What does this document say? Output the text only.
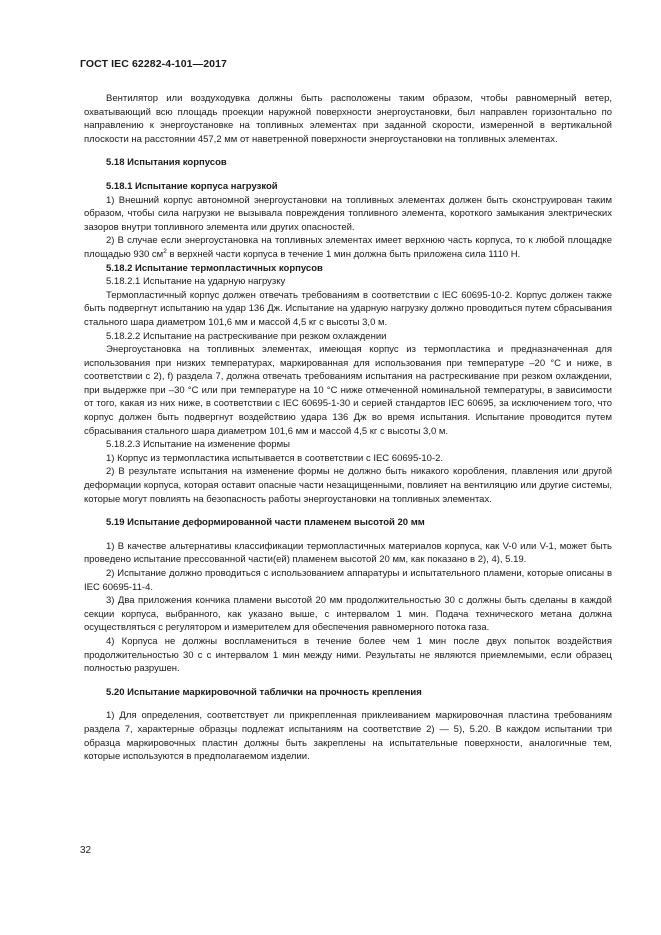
ГОСТ IEC 62282-4-101—2017

Вентилятор или воздуходувка должны быть расположены таким образом, чтобы равномерный ветер, охватывающий всю площадь проекции наружной поверхности энергоустановки, был направлен горизонтально по направлению к энергоустановке на топливных элементах при заданной скорости, измеренной в вертикальной плоскости на расстоянии 457,2 мм от наветренной поверхности энергоустановки на топливных элементах.

5.18 Испытания корпусов
5.18.1 Испытание корпуса нагрузкой

1) Внешний корпус автономной энергоустановки на топливных элементах должен быть сконструирован таким образом, чтобы сила нагрузки не вызывала повреждения топливного элемента, короткого замыкания электрических зазоров внутри топливного элемента или других опасностей.

2) В случае если энергоустановка на топливных элементах имеет верхнюю часть корпуса, то к любой площадке площадью 930 $см^2$ в верхней части корпуса в течение 1 мин должна быть приложена сила 1110 Н.

5.18.2 Испытание термопластичных корпусов
5.18.2.1 Испытание на ударную нагрузку

Термопластичный корпус должен отвечать требованиям в соответствии с IEC 60695-10-2. Корпус должен также быть подвергнут испытанию на удар 136 Дж. Испытание на ударную нагрузку должно проводиться путем сбрасывания стального шара диаметром 101,6 мм и массой 4,5 кг с высоты 3,0 м.

5.18.2.2 Испытание на растрескивание при резком охлаждении

Энергоустановка на топливных элементах, имеющая корпус из термопластика и предназначенная для использования при низких температурах, маркированная для использования при температуре –20 °С и ниже, в соответствии с 2), f) раздела 7, должна отвечать требованиям испытания на растрескивание при резком охлаждении, при выдержке при –30 °С или при температуре на 10 °С ниже отмеченной номинальной температуры, в зависимости от того, какая из них ниже, в соответствии с IEC 60695-1-30 и серией стандартов IEC 60695, за исключением того, что корпус должен быть подвергнут воздействию удара 136 Дж во время испытания. Испытание проводится путем сбрасывания стального шара диаметром 101,6 мм и массой 4,5 кг с высоты 3,0 м.

5.18.2.3 Испытание на изменение формы

1) Корпус из термопластика испытывается в соответствии с IEC 60695-10-2.

2) В результате испытания на изменение формы не должно быть никакого коробления, плавления или другой деформации корпуса, которая оставит опасные части незащищенными, повлияет на вентиляцию или другие системы, которые могут повлиять на безопасность работы энергоустановки на топливных элементах.

5.19 Испытание деформированной части пламенем высотой 20 мм

1) В качестве альтернативы классификации термопластичных материалов корпуса, как V-0 или V-1, может быть проведено испытание прессованной части(ей) пламенем высотой 20 мм, как показано в 2), 4), 5.19.

2) Испытание должно проводиться с использованием аппаратуры и испытательного пламени, которые описаны в IEC 60695-11-4.

3) Два приложения кончика пламени высотой 20 мм продолжительностью 30 с должны быть сделаны в каждой секции корпуса, выбранного, как указано выше, с интервалом 1 мин. Подача технического метана должна осуществляться с регулятором и измерителем для обеспечения равномерного потока газа.

4) Корпуса не должны воспламениться в течение более чем 1 мин после двух попыток воздействия продолжительностью 30 с с интервалом 1 мин между ними. Результаты не являются приемлемыми, если образец полностью разрушен.

5.20 Испытание маркировочной таблички на прочность крепления

1) Для определения, соответствует ли прикрепленная приклеиванием маркировочная пластина требованиям раздела 7, характерные образцы подлежат испытаниям на соответствие 2) — 5), 5.20. В каждом испытании три образца маркировочных пластин должны быть закреплены на испытательные поверхности, аналогичные тем, которые используются в предполагаемом изделии.

32
